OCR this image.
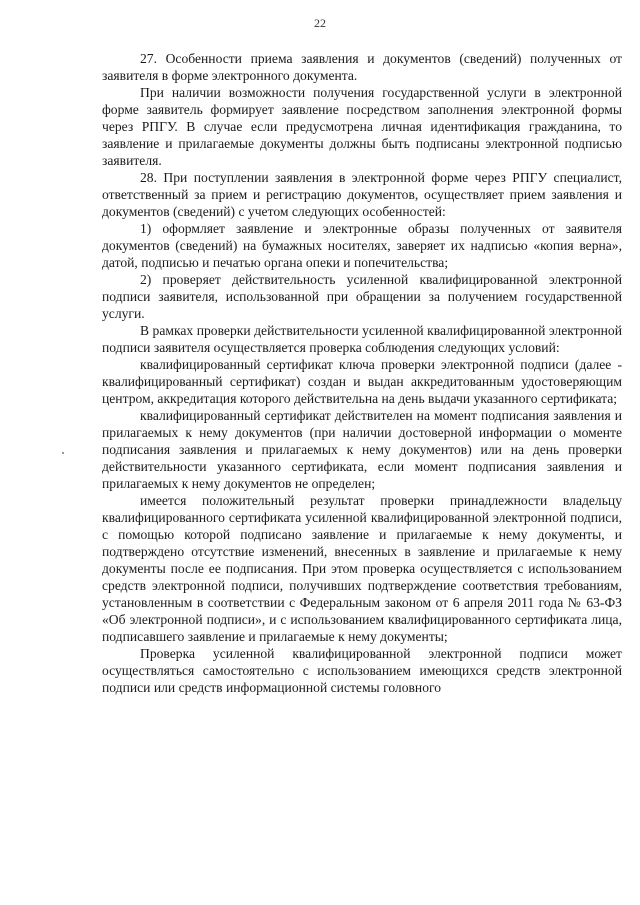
22

27. Особенности приема заявления и документов (сведений) полученных от заявителя в форме электронного документа.

При наличии возможности получения государственной услуги в электронной форме заявитель формирует заявление посредством заполнения электронной формы через РПГУ. В случае если предусмотрена личная идентификация гражданина, то заявление и прилагаемые документы должны быть подписаны электронной подписью заявителя.

28. При поступлении заявления в электронной форме через РПГУ специалист, ответственный за прием и регистрацию документов, осуществляет прием заявления и документов (сведений) с учетом следующих особенностей:

1) оформляет заявление и электронные образы полученных от заявителя документов (сведений) на бумажных носителях, заверяет их надписью «копия верна», датой, подписью и печатью органа опеки и попечительства;

2) проверяет действительность усиленной квалифицированной электронной подписи заявителя, использованной при обращении за получением государственной услуги.

В рамках проверки действительности усиленной квалифицированной электронной подписи заявителя осуществляется проверка соблюдения следующих условий:

квалифицированный сертификат ключа проверки электронной подписи (далее - квалифицированный сертификат) создан и выдан аккредитованным удостоверяющим центром, аккредитация которого действительна на день выдачи указанного сертификата;

квалифицированный сертификат действителен на момент подписания заявления и прилагаемых к нему документов (при наличии достоверной информации о моменте подписания заявления и прилагаемых к нему документов) или на день проверки действительности указанного сертификата, если момент подписания заявления и прилагаемых к нему документов не определен;

имеется положительный результат проверки принадлежности владельцу квалифицированного сертификата усиленной квалифицированной электронной подписи, с помощью которой подписано заявление и прилагаемые к нему документы, и подтверждено отсутствие изменений, внесенных в заявление и прилагаемые к нему документы после ее подписания. При этом проверка осуществляется с использованием средств электронной подписи, получивших подтверждение соответствия требованиям, установленным в соответствии с Федеральным законом от 6 апреля 2011 года № 63-ФЗ «Об электронной подписи», и с использованием квалифицированного сертификата лица, подписавшего заявление и прилагаемые к нему документы;

Проверка усиленной квалифицированной электронной подписи может осуществляться самостоятельно с использованием имеющихся средств электронной подписи или средств информационной системы головного
